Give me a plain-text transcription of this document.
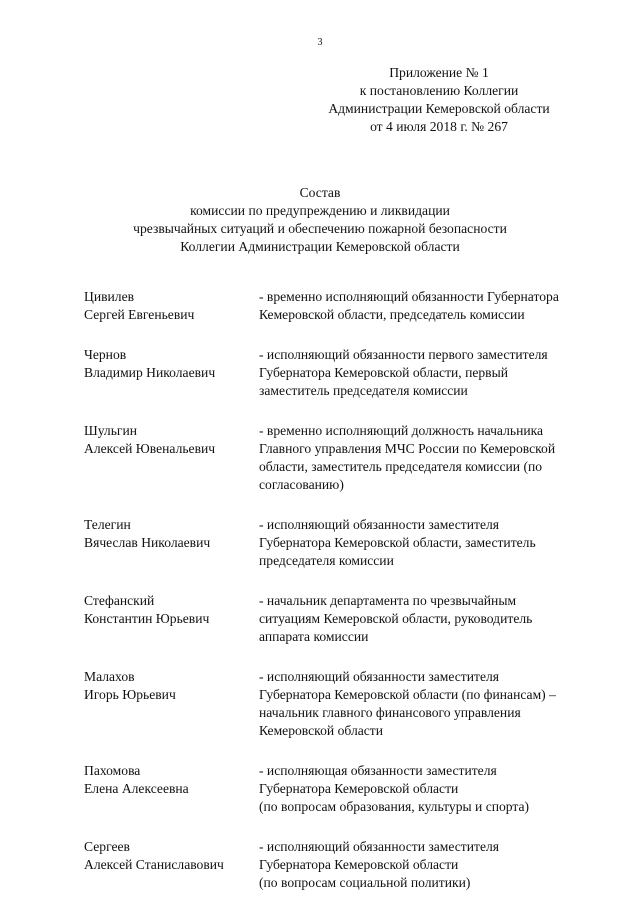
3
Приложение № 1
к постановлению Коллегии
Администрации Кемеровской области
от 4 июля 2018 г. № 267
Состав
комиссии по предупреждению и ликвидации
чрезвычайных ситуаций и обеспечению пожарной безопасности
Коллегии Администрации Кемеровской области
Цивилев
Сергей Евгеньевич
- временно исполняющий обязанности Губернатора
Кемеровской области, председатель комиссии
Чернов
Владимир Николаевич
- исполняющий обязанности первого заместителя
Губернатора Кемеровской области, первый
заместитель председателя комиссии
Шульгин
Алексей Ювенальевич
- временно исполняющий должность начальника
Главного управления МЧС России по Кемеровской
области, заместитель председателя комиссии (по
согласованию)
Телегин
Вячеслав Николаевич
- исполняющий обязанности заместителя
Губернатора Кемеровской области, заместитель
председателя комиссии
Стефанский
Константин Юрьевич
- начальник департамента по чрезвычайным
ситуациям Кемеровской области, руководитель
аппарата комиссии
Малахов
Игорь Юрьевич
- исполняющий обязанности заместителя
Губернатора Кемеровской области (по финансам) –
начальник главного финансового управления
Кемеровской области
Пахомова
Елена Алексеевна
- исполняющая обязанности заместителя
Губернатора Кемеровской области
(по вопросам образования, культуры и спорта)
Сергеев
Алексей Станиславович
- исполняющий обязанности заместителя
Губернатора Кемеровской области
(по вопросам социальной политики)
